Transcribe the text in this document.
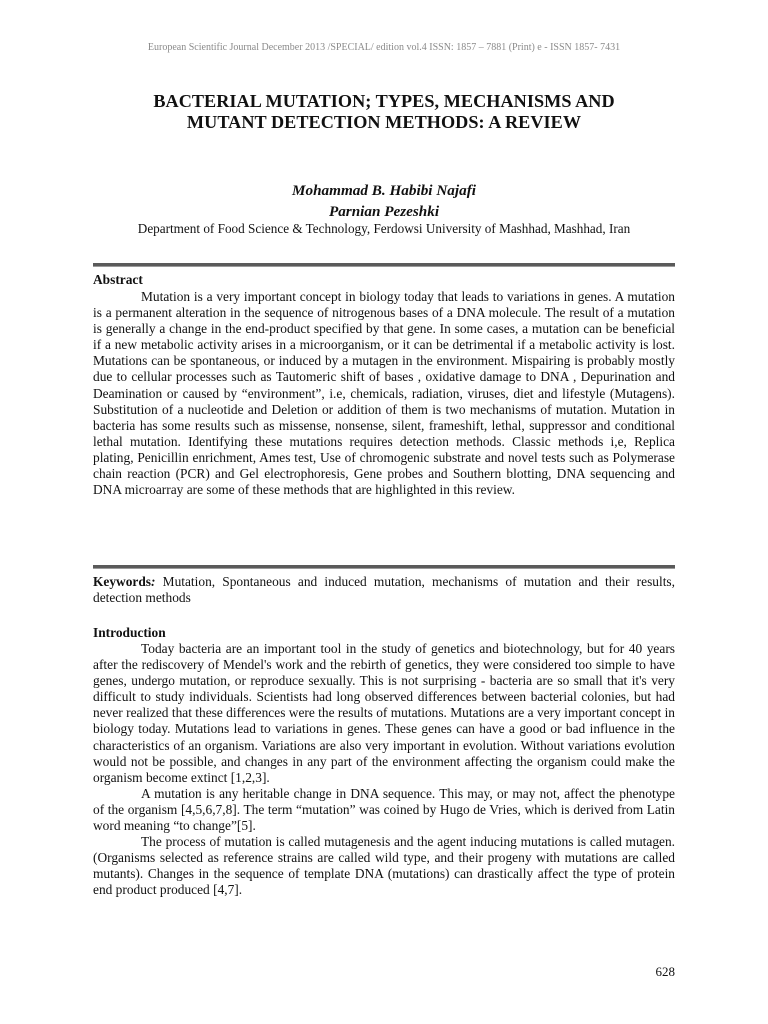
European Scientific Journal December 2013 /SPECIAL/ edition vol.4 ISSN: 1857 – 7881 (Print) e - ISSN 1857- 7431
BACTERIAL MUTATION; TYPES, MECHANISMS AND
MUTANT DETECTION METHODS: A REVIEW
Mohammad B. Habibi Najafi
Parnian Pezeshki
Department of Food Science & Technology, Ferdowsi University of Mashhad, Mashhad, Iran
Abstract

Mutation is a very important concept in biology today that leads to variations in genes. A mutation is a permanent alteration in the sequence of nitrogenous bases of a DNA molecule. The result of a mutation is generally a change in the end-product specified by that gene. In some cases, a mutation can be beneficial if a new metabolic activity arises in a microorganism, or it can be detrimental if a metabolic activity is lost. Mutations can be spontaneous, or induced by a mutagen in the environment. Mispairing is probably mostly due to cellular processes such as Tautomeric shift of bases , oxidative damage to DNA , Depurination and Deamination or caused by “environment”, i.e, chemicals, radiation, viruses, diet and lifestyle (Mutagens). Substitution of a nucleotide and Deletion or addition of them is two mechanisms of mutation. Mutation in bacteria has some results such as missense, nonsense, silent, frameshift, lethal, suppressor and conditional lethal mutation. Identifying these mutations requires detection methods. Classic methods i,e, Replica plating, Penicillin enrichment, Ames test, Use of chromogenic substrate and novel tests such as Polymerase chain reaction (PCR) and Gel electrophoresis, Gene probes and Southern blotting, DNA sequencing and DNA microarray are some of these methods that are highlighted in this review.

Keywords: Mutation, Spontaneous and induced mutation, mechanisms of mutation and their results, detection methods
Introduction

Today bacteria are an important tool in the study of genetics and biotechnology, but for 40 years after the rediscovery of Mendel's work and the rebirth of genetics, they were considered too simple to have genes, undergo mutation, or reproduce sexually. This is not surprising - bacteria are so small that it's very difficult to study individuals. Scientists had long observed differences between bacterial colonies, but had never realized that these differences were the results of mutations. Mutations are a very important concept in biology today. Mutations lead to variations in genes. These genes can have a good or bad influence in the characteristics of an organism. Variations are also very important in evolution. Without variations evolution would not be possible, and changes in any part of the environment affecting the organism could make the organism become extinct [1,2,3].

A mutation is any heritable change in DNA sequence. This may, or may not, affect the phenotype of the organism [4,5,6,7,8]. The term “mutation” was coined by Hugo de Vries, which is derived from Latin word meaning “to change”[5].

The process of mutation is called mutagenesis and the agent inducing mutations is called mutagen. (Organisms selected as reference strains are called wild type, and their progeny with mutations are called mutants). Changes in the sequence of template DNA (mutations) can drastically affect the type of protein end product produced [4,7].

628
